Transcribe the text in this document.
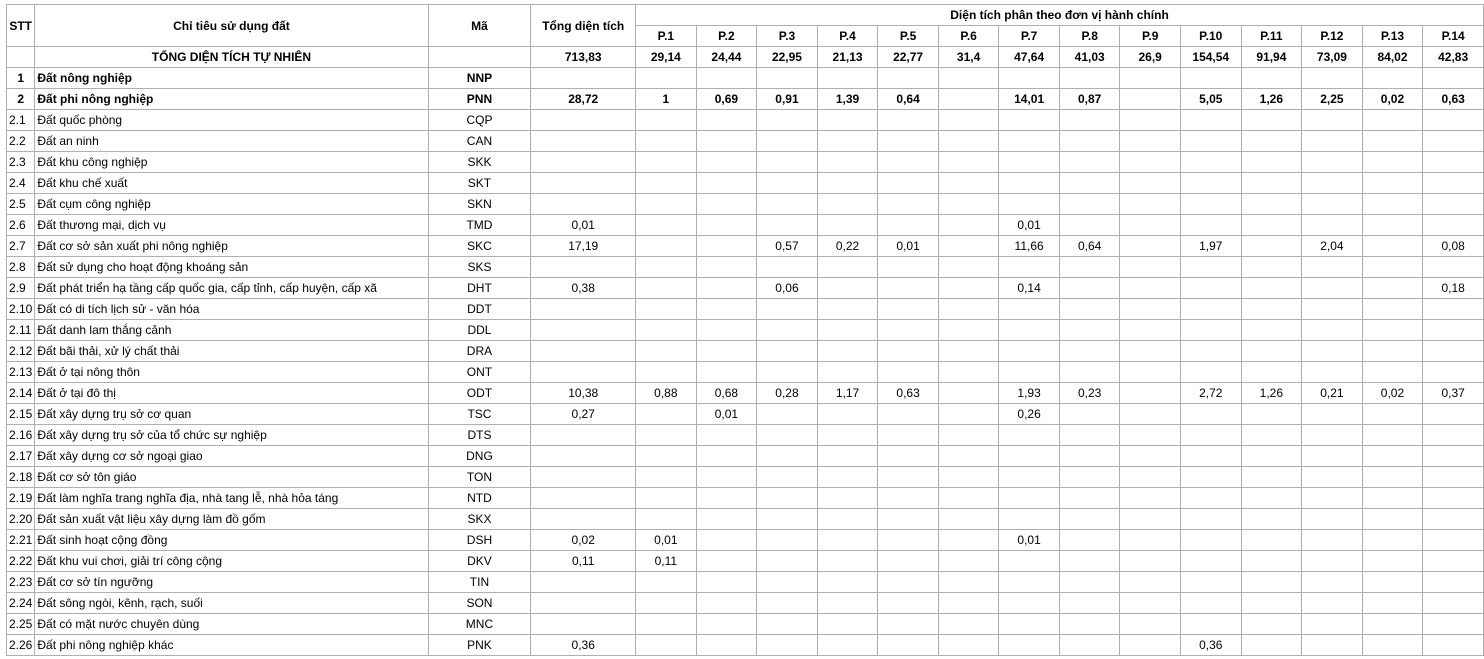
STT	Chỉ tiêu sử dụng đất	Mã	Tổng diện tích	Diện tích phân theo đơn vị hành chính													
				P.1	P.2	P.3	P.4	P.5	P.6	P.7	P.8	P.9	P.10	P.11	P.12	P.13	P.14
	TỔNG DIỆN TÍCH TỰ NHIÊN		713,83	29,14	24,44	22,95	21,13	22,77	31,4	47,64	41,03	26,9	154,54	91,94	73,09	84,02	42,83
1	Đất nông nghiệp	NNP															
2	Đất phi nông nghiệp	PNN	28,72	1	0,69	0,91	1,39	0,64		14,01	0,87		5,05	1,26	2,25	0,02	0,63
2.1	Đất quốc phòng	CQP															
2.2	Đất an ninh	CAN															
2.3	Đất khu công nghiệp	SKK															
2.4	Đất khu chế xuất	SKT															
2.5	Đất cụm công nghiệp	SKN															
2.6	Đất thương mại, dịch vụ	TMD	0,01							0,01							
2.7	Đất cơ sở sản xuất phi nông nghiệp	SKC	17,19			0,57	0,22	0,01		11,66	0,64		1,97		2,04		0,08
2.8	Đất sử dụng cho hoạt động khoáng sản	SKS															
2.9	Đất phát triển hạ tầng cấp quốc gia, cấp tỉnh, cấp huyện, cấp xã	DHT	0,38			0,06				0,14							0,18
2.10	Đất có di tích lịch sử - văn hóa	DDT															
2.11	Đất danh lam thắng cảnh	DDL															
2.12	Đất bãi thải, xử lý chất thải	DRA															
2.13	Đất ở tại nông thôn	ONT															
2.14	Đất ở tại đô thị	ODT	10,38	0,88	0,68	0,28	1,17	0,63		1,93	0,23		2,72	1,26	0,21	0,02	0,37
2.15	Đất xây dựng trụ sở cơ quan	TSC	0,27		0,01					0,26							
2.16	Đất xây dựng trụ sở của tổ chức sự nghiệp	DTS															
2.17	Đất xây dựng cơ sở ngoại giao	DNG															
2.18	Đất cơ sở tôn giáo	TON															
2.19	Đất làm nghĩa trang nghĩa địa, nhà tang lễ, nhà hỏa táng	NTD															
2.20	Đất sản xuất vật liệu xây dựng làm đồ gốm	SKX															
2.21	Đất sinh hoạt cộng đồng	DSH	0,02	0,01						0,01							
2.22	Đất khu vui chơi, giải trí công cộng	DKV	0,11	0,11													
2.23	Đất cơ sở tín ngưỡng	TIN															
2.24	Đất sông ngòi, kênh, rạch, suối	SON															
2.25	Đất có mặt nước chuyên dùng	MNC															
2.26	Đất phi nông nghiệp khác	PNK	0,36										0,36				
